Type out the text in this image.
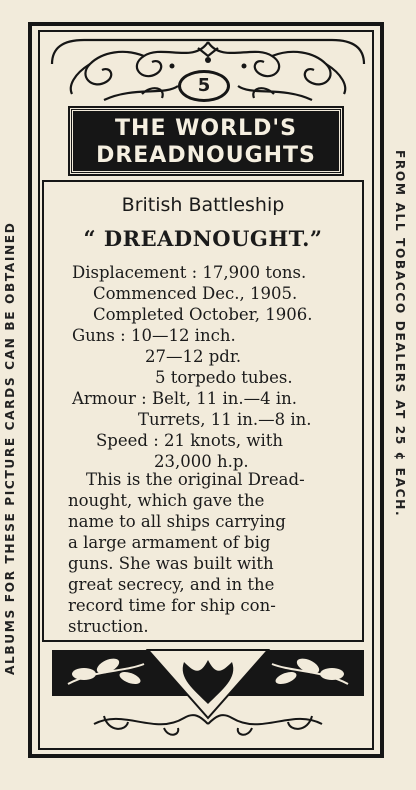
ALBUMS FOR THESE PICTURE CARDS CAN BE OBTAINED	FROM ALL TOBACCO DEALERS AT 25 ¢ EACH.
5
THE WORLD'S
DREADNOUGHTS
British Battleship
“ DREADNOUGHT.”
Displacement : 17,900 tons.
Commenced Dec., 1905.
Completed October, 1906.
Guns : 10—12 inch.
27—12 pdr.
5 torpedo tubes.
Armour : Belt, 11 in.—4 in.
Turrets, 11 in.—8 in.
Speed : 21 knots, with
23,000 h.p.
This is the original Dread-
nought, which gave the
name to all ships carrying
a large armament of big
guns. She was built with
great secrecy, and in the
record time for ship con-
struction.
